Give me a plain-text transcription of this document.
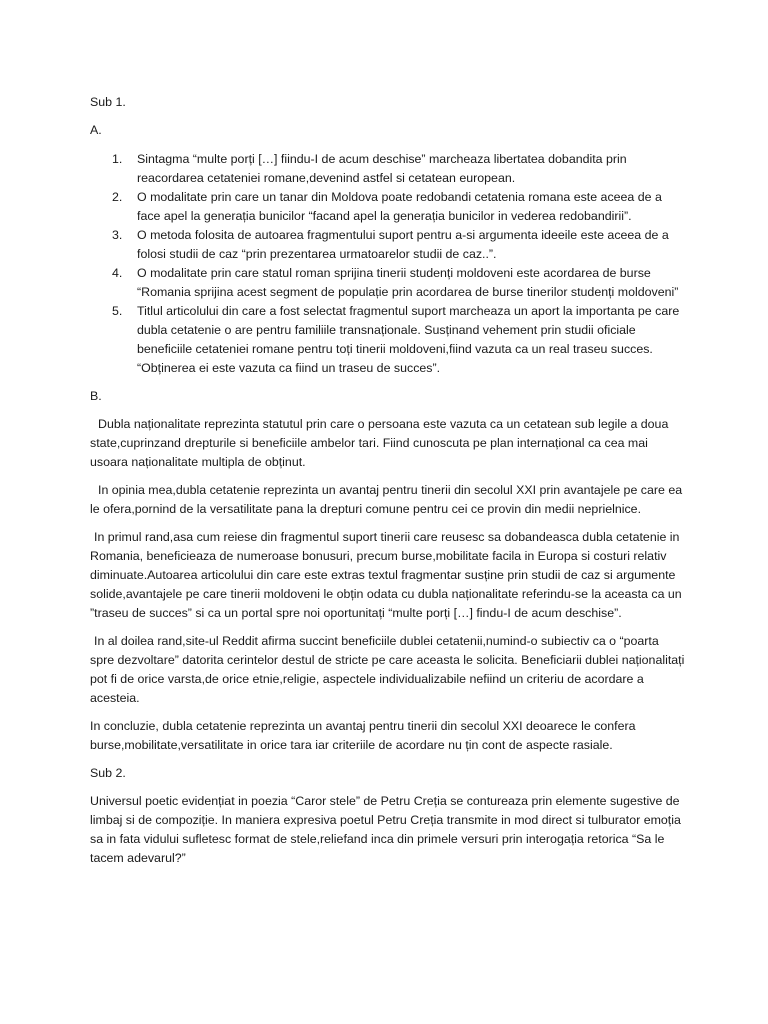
Sub 1.

A.

1. Sintagma “multe porți […] fiindu-I de acum deschise” marcheaza libertatea dobandita prin reacordarea cetateniei romane,devenind astfel si cetatean european.
2. O modalitate prin care un tanar din Moldova poate redobandi cetatenia romana este aceea de a face apel la generația bunicilor “facand apel la generația bunicilor in vederea redobandirii”.
3. O metoda folosita de autoarea fragmentului suport pentru a-si argumenta ideeile este aceea de a folosi studii de caz “prin prezentarea urmatoarelor studii de caz..”.
4. O modalitate prin care statul roman sprijina tinerii studenți moldoveni este acordarea de burse “Romania sprijina acest segment de populație prin acordarea de burse tinerilor studenți moldoveni”
5. Titlul articolului din care a fost selectat fragmentul suport marcheaza un aport la importanta pe care dubla cetatenie o are pentru familiile transnaționale. Susținand vehement prin studii oficiale beneficiile cetateniei romane pentru toți tinerii moldoveni,fiind vazuta ca un real traseu succes. “Obținerea ei este vazuta ca fiind un traseu de succes”.

B.

Dubla naționalitate reprezinta statutul prin care o persoana este vazuta ca un cetatean sub legile a doua state,cuprinzand drepturile si beneficiile ambelor tari. Fiind cunoscuta pe plan internațional ca cea mai usoara naționalitate multipla de obținut.

In opinia mea,dubla cetatenie reprezinta un avantaj pentru tinerii din secolul XXI prin avantajele pe care ea le ofera,pornind de la versatilitate pana la drepturi comune pentru cei ce provin din medii neprielnice.

In primul rand,asa cum reiese din fragmentul suport tinerii care reusesc sa dobandeasca dubla cetatenie in Romania, beneficieaza de numeroase bonusuri, precum burse,mobilitate facila in Europa si costuri relativ diminuate.Autoarea articolului din care este extras textul fragmentar susține prin studii de caz si argumente solide,avantajele pe care tinerii moldoveni le obțin odata cu dubla naționalitate referindu-se la aceasta ca un ”traseu de succes” si ca un portal spre noi oportunitați “multe porți […] findu-I de acum deschise”.

In al doilea rand,site-ul Reddit afirma succint beneficiile dublei cetatenii,numind-o subiectiv ca o “poarta spre dezvoltare” datorita cerintelor destul de stricte pe care aceasta le solicita. Beneficiarii dublei naționalitați pot fi de orice varsta,de orice etnie,religie, aspectele individualizabile nefiind un criteriu de acordare a acesteia.

In concluzie, dubla cetatenie reprezinta un avantaj pentru tinerii din secolul XXI deoarece le confera burse,mobilitate,versatilitate in orice tara iar criteriile de acordare nu țin cont de aspecte rasiale.

Sub 2.

Universul poetic evidențiat in poezia “Caror stele” de Petru Creția se contureaza prin elemente sugestive de limbaj si de compoziție. In maniera expresiva poetul Petru Creția transmite in mod direct si tulburator emoția sa in fata vidului sufletesc format de stele,reliefand inca din primele versuri prin interogația retorica “Sa le tacem adevarul?”
